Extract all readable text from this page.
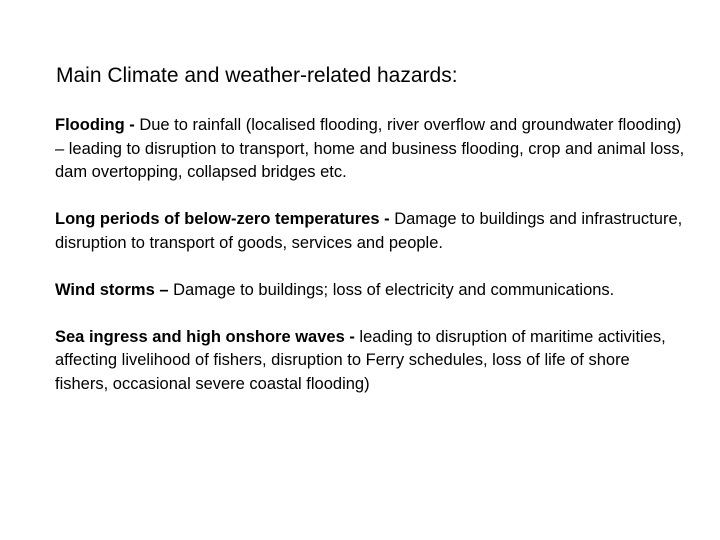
Main Climate and weather-related hazards:

Flooding - Due to rainfall (localised flooding, river overflow and groundwater flooding) – leading to disruption to transport, home and business flooding, crop and animal loss, dam overtopping, collapsed bridges etc.

Long periods of below-zero temperatures - Damage to buildings and infrastructure, disruption to transport of goods, services and people.

Wind storms – Damage to buildings; loss of electricity and communications.

Sea ingress and high onshore waves - leading to disruption of maritime activities, affecting livelihood of fishers, disruption to Ferry schedules, loss of life of shore fishers, occasional severe coastal flooding)
